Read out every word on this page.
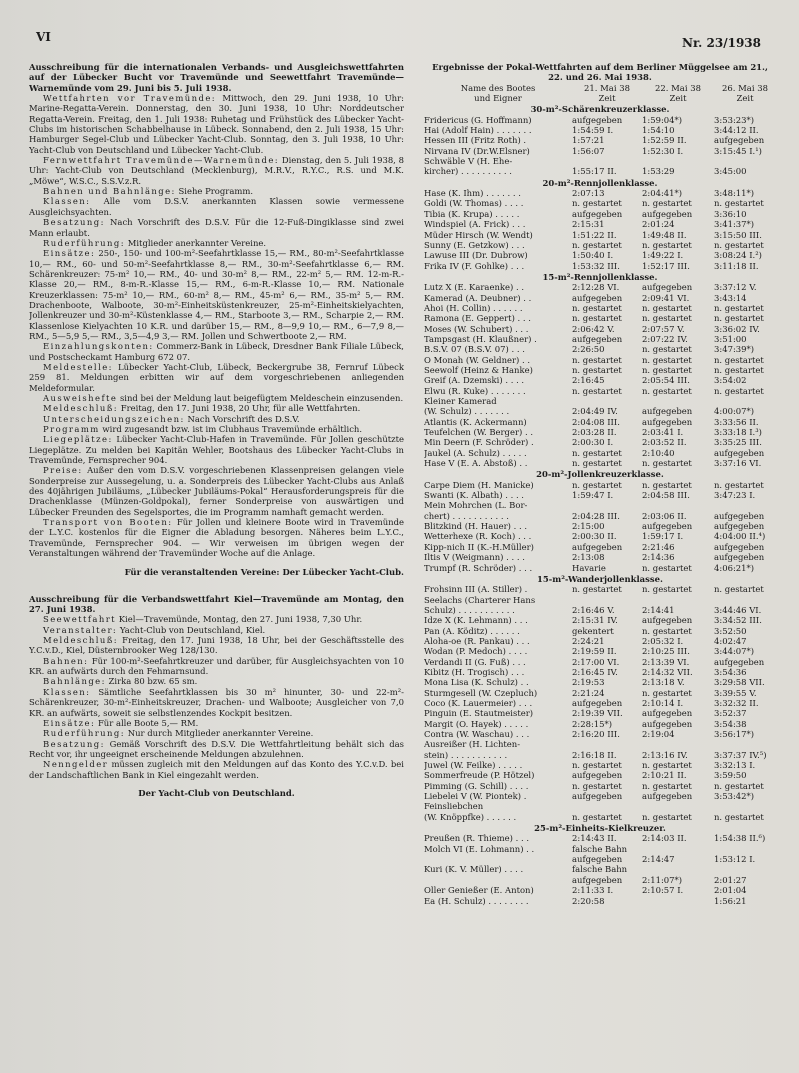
VI	Nr. 23/1938

Ausschreibung für die internationalen Verbands- und Ausgleichswettfahrten auf der Lübecker Bucht vor Travemünde und Seewettfahrt Travemünde—Warnemünde vom 29. Juni bis 5. Juli 1938.

Wettfahrten vor Travemünde: Mittwoch, den 29. Juni 1938, 10 Uhr: Marine-Regatta-Verein. Donnerstag, den 30. Juni 1938, 10 Uhr: Norddeutscher Regatta-Verein. Freitag, den 1. Juli 1938: Ruhetag und Frühstück des Lübecker Yacht-Clubs im historischen Schabbelhause in Lübeck. Sonnabend, den 2. Juli 1938, 15 Uhr: Hamburger Segel-Club und Lübecker Yacht-Club. Sonntag, den 3. Juli 1938, 10 Uhr: Yacht-Club von Deutschland und Lübecker Yacht-Club.

Fernwettfahrt Travemünde—Warnemünde: Dienstag, den 5. Juli 1938, 8 Uhr: Yacht-Club von Deutschland (Mecklenburg), M.R.V., R.Y.C., R.S. und M.K. „Möwe“, W.S.C., S.S.V.z.R.

Bahnen und Bahnlänge: Siehe Programm.

Klassen: Alle vom D.S.V. anerkannten Klassen sowie vermessene Ausgleichsyachten.

Besatzung: Nach Vorschrift des D.S.V. Für die 12-Fuß-Dingiklasse sind zwei Mann erlaubt.

Ruderführung: Mitglieder anerkannter Vereine.

Einsätze: 250-, 150- und 100-m²-Seefahrtklasse 15,— RM., 80-m²-Seefahrtklasse 10,— RM., 60- und 50-m²-Seefahrtklasse 8,— RM., 30-m²-Seefahrtklasse 6,— RM. Schärenkreuzer: 75-m² 10,— RM., 40- und 30-m² 8,— RM., 22-m² 5,— RM. 12-m-R.-Klasse 20,— RM., 8-m-R.-Klasse 15,— RM., 6-m-R.-Klasse 10,— RM. Nationale Kreuzerklassen: 75-m² 10,— RM., 60-m² 8,— RM., 45-m² 6,— RM., 35-m² 5,— RM. Drachenboote, Walboote, 30-m²-Einheitsküstenkreuzer, 25-m²-Einheitskielyachten, Jollenkreuzer und 30-m²-Küstenklasse 4,— RM., Starboote 3,— RM., Scharpie 2,— RM. Klassenlose Kielyachten 10 K.R. und darüber 15,— RM., 8—9,9 10,— RM., 6—7,9 8,— RM., 5—5,9 5,— RM., 3,5—4,9 3,— RM. Jollen und Schwertboote 2,— RM.

Einzahlungskonten: Commerz-Bank in Lübeck, Dresdner Bank Filiale Lübeck, und Postscheckamt Hamburg 672 07.

Meldestelle: Lübecker Yacht-Club, Lübeck, Beckergrube 38, Fernruf Lübeck 259 81. Meldungen erbitten wir auf dem vorgeschriebenen anliegenden Meldeformular.

Ausweishefte sind bei der Meldung laut beigefügtem Meldeschein einzusenden.

Meldeschluß: Freitag, den 17. Juni 1938, 20 Uhr, für alle Wettfahrten.

Unterscheidungszeichen: Nach Vorschrift des D.S.V.

Programm wird zugesandt bzw. ist im Clubhaus Travemünde erhältlich.

Liegeplätze: Lübecker Yacht-Club-Hafen in Travemünde. Für Jollen geschützte Liegeplätze. Zu melden bei Kapitän Wehler, Bootshaus des Lübecker Yacht-Clubs in Travemünde, Fernsprecher 904.

Preise: Außer den vom D.S.V. vorgeschriebenen Klassenpreisen gelangen viele Sonderpreise zur Aussegelung, u. a. Sonderpreis des Lübecker Yacht-Clubs aus Anlaß des 40jährigen Jubiläums, „Lübecker Jubiläums-Pokal“ Herausforderungspreis für die Drachenklasse (Münzen-Goldpokal), ferner Sonderpreise von auswärtigen und Lübecker Freunden des Segelsportes, die im Programm namhaft gemacht werden.

Transport von Booten: Für Jollen und kleinere Boote wird in Travemünde der L.Y.C. kostenlos für die Eigner die Abladung besorgen. Näheres beim L.Y.C., Travemünde, Fernsprecher 904. — Wir verweisen im übrigen wegen der Veranstaltungen während der Travemünder Woche auf die Anlage.

Für die veranstaltenden Vereine: Der Lübecker Yacht-Club.

Ausschreibung für die Verbandswettfahrt Kiel—Travemünde am Montag, den 27. Juni 1938.

Seewettfahrt Kiel—Travemünde, Montag, den 27. Juni 1938, 7,30 Uhr.

Veranstalter: Yacht-Club von Deutschland, Kiel.

Meldeschluß: Freitag, den 17. Juni 1938, 18 Uhr, bei der Geschäftsstelle des Y.C.v.D., Kiel, Düsternbrooker Weg 128/130.

Bahnen: Für 100-m²-Seefahrtkreuzer und darüber, für Ausgleichsyachten von 10 KR. an aufwärts durch den Fehmarnsund.

Bahnlänge: Zirka 80 bzw. 65 sm.

Klassen: Sämtliche Seefahrtklassen bis 30 m² hinunter, 30- und 22-m²-Schärenkreuzer, 30-m²-Einheitskreuzer, Drachen- und Walboote; Ausgleicher von 7,0 KR. an aufwärts, soweit sie selbstlenzendes Kockpit besitzen.

Einsätze: Für alle Boote 5,— RM.

Ruderführung: Nur durch Mitglieder anerkannter Vereine.

Besatzung: Gemäß Vorschrift des D.S.V. Die Wettfahrtleitung behält sich das Recht vor, ihr ungeeignet erscheinende Meldungen abzulehnen.

Nenngelder müssen zugleich mit den Meldungen auf das Konto des Y.C.v.D. bei der Landschaftlichen Bank in Kiel eingezahlt werden.

Der Yacht-Club von Deutschland.

Ergebnisse der Pokal-Wettfahrten auf dem Berliner Müggelsee am 21., 22. und 26. Mai 1938.

Name des Bootes	21. Mai 38	22. Mai 38	26. Mai 38
und Eigner	Zeit	Zeit	Zeit

30-m²-Schärenkreuzerklasse.

Fridericus (G. Hoffmann)	aufgegeben	1:59:04*)	3:53:23*)
Hai (Adolf Hain) . . . . . . .	1:54:59 I.	1:54:10	3:44:12 II.
Hessen III (Fritz Roth) .	1:57:21	1:52:59 II.	aufgegeben
Nirvana IV (Dr.W.Elsner)	1:56:07	1:52:30 I.	3:15:45 I.¹)
Schwäble V (H. Ehe-			
kircher) . . . . . . . . . .	1:55:17 II.	1:53:29	3:45:00

20-m²-Rennjollenklasse.

Hase (K. Ihm) . . . . . . .	2:07:13	2:04:41*)	3:48:11*)
Goldi (W. Thomas) . . . .	n. gestartet	n. gestartet	n. gestartet
Tibia (K. Krupa) . . . . .	aufgegeben	aufgegeben	3:36:10
Windspiel (A. Frick) . . .	2:15:31	2:01:24	3:41:37*)
Müder Hirsch (W. Wendt)	1:51:22 II.	1:49:48 II.	3:15:50 III.
Sunny (E. Getzkow) . . .	n. gestartet	n. gestartet	n. gestartet
Lawuse III (Dr. Dubrow)	1:50:40 I.	1:49:22 I.	3:08:24 I.²)
Frika IV (F. Gohlke) . . .	1:53:32 III.	1:52:17 III.	3:11:18 II.

15-m²-Rennjollenklasse.

Lutz X (E. Karaenke) . .	2:12:28 VI.	aufgegeben	3:37:12 V.
Kamerad (A. Deubner) . .	aufgegeben	2:09:41 VI.	3:43:14
Ahoi (H. Collin) . . . . . .	n. gestartet	n. gestartet	n. gestartet
Ramona (E. Geppert) . . .	n. gestartet	n. gestartet	n. gestartet
Moses (W. Schubert) . . .	2:06:42 V.	2:07:57 V.	3:36:02 IV.
Tampsgast (H. Klaußner) .	aufgegeben	2:07:22 IV.	3:51:00
B.S.V. 07 (B.S.V. 07) . . .	2:26:50	n. gestartet	3:47:39*)
O Monah (W. Geldner) . .	n. gestartet	n. gestartet	n. gestartet
Seewolf (Heinz & Hanke)	n. gestartet	n. gestartet	n. gestartet
Greif (A. Dzemski) . . . .	2:16:45	2:05:54 III.	3:54:02
Elwu (R. Kuke) . . . . . . .	n. gestartet	n. gestartet	n. gestartet
Kleiner Kamerad			
(W. Schulz) . . . . . . .	2:04:49 IV.	aufgegeben	4:00:07*)
Atlantis (K. Ackermann)	2:04:08 III.	aufgegeben	3:33:56 II.
Teufelchen (W. Berger) . .	2:03:28 II.	2:03:41 I.	3:33:18 I.³)
Min Deern (F. Schröder) .	2:00:30 I.	2:03:52 II.	3:35:25 III.
Jaukel (A. Schulz) . . . . .	n. gestartet	2:10:40	aufgegeben
Hase V (E. A. Abstoß) . .	n. gestartet	n. gestartet	3:37:16 VI.

20-m²-Jollenkreuzerklasse.

Carpe Diem (H. Manicke)	n. gestartet	n. gestartet	n. gestartet
Swanti (K. Albath) . . . .	1:59:47 I.	2:04:58 III.	3:47:23 I.
Mein Mohrchen (L. Bor-			
chert) . . . . . . . . . . .	2:04:28 III.	2:03:06 II.	aufgegeben
Blitzkind (H. Hauer) . . .	2:15:00	aufgegeben	aufgegeben
Wetterhexe (R. Koch) . . .	2:00:30 II.	1:59:17 I.	4:04:00 II.⁴)
Kipp-nich II (K.-H.Müller)	aufgegeben	2:21:46	aufgegeben
Iltis V (Weigmann) . . . .	2:13:08	2:14:36	aufgegeben
Trumpf (R. Schröder) . . .	Havarie	n. gestartet	4:06:21*)

15-m²-Wanderjollenklasse.

Frohsinn III (A. Stiller) .	n. gestartet	n. gestartet	n. gestartet
Seelachs (Charterer Hans			
Schulz) . . . . . . . . . . .	2:16:46 V.	2:14:41	3:44:46 VI.
Idze X (K. Lehmann) . . .	2:15:31 IV.	aufgegeben	3:34:52 III.
Pan (A. Köditz) . . . . . .	gekentert	n. gestartet	3:52:50
Aloha-oe (R. Pankau) . . .	2:24:21	2:05:32 I.	4:02:47
Wodan (P. Medoch) . . . .	2:19:59 II.	2:10:25 III.	3:44:07*)
Verdandi II (G. Fuß) . . .	2:17:00 VI.	2:13:39 VI.	aufgegeben
Kibitz (H. Trogisch) . . .	2:16:45 IV.	2:14:32 VII.	3:54:36
Mona Lisa (K. Schulz) . .	2:19:53	2:13:18 V.	3:29:58 VII.
Sturmgesell (W. Czepluch)	2:21:24	n. gestartet	3:39:55 V.
Coco (K. Lauermeier) . . .	aufgegeben	2:10:14 I.	3:32:32 II.
Pinguin (E. Stautmeister)	2:19:39 VII.	aufgegeben	3:52:37
Margit (O. Hayek) . . . . .	2:28:15*)	aufgegeben	3:54:38
Contra (W. Waschau) . . .	2:16:20 III.	2:19:04	3:56:17*)
Ausreißer (H. Lichten-			
stein) . . . . . . . . . . .	2:16:18 II.	2:13:16 IV.	3:37:37 IV.⁵)
Juwel (W. Feilke) . . . . .	n. gestartet	n. gestartet	3:32:13 I.
Sommerfreude (P. Hötzel)	aufgegeben	2:10:21 II.	3:59:50
Pimming (G. Schill) . . . .	n. gestartet	n. gestartet	n. gestartet
Liebelei V (W. Piontek) .	aufgegeben	aufgegeben	3:53:42*)
Feinsliebchen			
(W. Knöppfke) . . . . . .	n. gestartet	n. gestartet	n. gestartet

25-m²-Einheits-Kielkreuzer.

Preußen (R. Thieme) . . .	2:14:43 II.	2:14:03 II.	1:54:38 II.⁶)
Molch VI (E. Lohmann) . .	falsche Bahn		
	aufgegeben	2:14:47	1:53:12 I.
Kuri (K. V. Müller) . . . .	falsche Bahn		
	aufgegeben	2:11:07*)	2:01:27
Oller Genießer (E. Anton)	2:11:33 I.	2:10:57 I.	2:01:04
Ea (H. Schulz) . . . . . . . .	2:20:58		1:56:21
